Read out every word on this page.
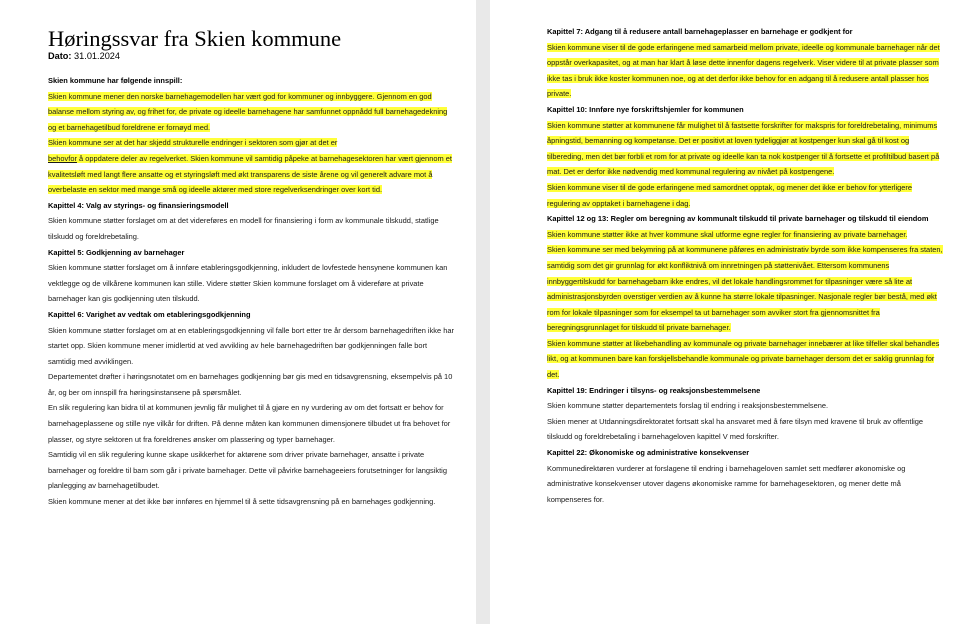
Høringssvar fra Skien kommune

Dato: 31.01.2024

Skien kommune har følgende innspill:

Skien kommune mener den norske barnehagemodellen har vært god for kommuner og innbyggere. Gjennom en god balanse mellom styring av, og frihet for, de private og ideelle barnehagene har samfunnet oppnådd full barnehagedekning og et barnehagetilbud foreldrene er fornøyd med.

Skien kommune ser at det har skjedd strukturelle endringer i sektoren som gjør at det er
behovfor å oppdatere deler av regelverket. Skien kommune vil samtidig påpeke at barnehagesektoren har vært gjennom et kvalitetsløft med langt flere ansatte og et styringsløft med økt transparens de siste årene og vil generelt advare mot å overbelaste en sektor med mange små og ideelle aktører med store regelverksendringer over kort tid.

Kapittel 4: Valg av styrings- og finansieringsmodell

Skien kommune støtter forslaget om at det videreføres en modell for finansiering i form av kommunale tilskudd, statlige tilskudd og foreldrebetaling.

Kapittel 5: Godkjenning av barnehager

Skien kommune støtter forslaget om å innføre etableringsgodkjenning, inkludert de lovfestede hensynene kommunen kan vektlegge og de vilkårene kommunen kan stille. Videre støtter Skien kommune forslaget om å videreføre at private barnehager kan gis godkjenning uten tilskudd.

Kapittel 6: Varighet av vedtak om etableringsgodkjenning

Skien kommune støtter forslaget om at en etableringsgodkjenning vil falle bort etter tre år dersom barnehagedriften ikke har startet opp. Skien kommune mener imidlertid at ved avvikling av hele barnehagedriften bør godkjenningen falle bort samtidig med avviklingen.

Departementet drøfter i høringsnotatet om en barnehages godkjenning bør gis med en tidsavgrensning, eksempelvis på 10 år, og ber om innspill fra høringsinstansene på spørsmålet.

En slik regulering kan bidra til at kommunen jevnlig får mulighet til å gjøre en ny vurdering av om det fortsatt er behov for barnehageplassene og stille nye vilkår for driften. På denne måten kan kommunen dimensjonere tilbudet ut fra behovet for plasser, og styre sektoren ut fra foreldrenes ønsker om plassering og typer barnehager.

Samtidig vil en slik regulering kunne skape usikkerhet for aktørene som driver private barnehager, ansatte i private barnehager og foreldre til barn som går i private barnehager. Dette vil påvirke barnehageeiers forutsetninger for langsiktig planlegging av barnehagetilbudet.

Skien kommune mener at det ikke bør innføres en hjemmel til å sette tidsavgrensning på en barnehages godkjenning.

Kapittel 7: Adgang til å redusere antall barnehageplasser en barnehage er godkjent for

Skien kommune viser til de gode erfaringene med samarbeid mellom private, ideelle og kommunale barnehager når det oppstår overkapasitet, og at man har klart å løse dette innenfor dagens regelverk. Viser videre til at private plasser som ikke tas i bruk ikke koster kommunen noe, og at det derfor ikke behov for en adgang til å redusere antall plasser hos private.

Kapittel 10: Innføre nye forskriftshjemler for kommunen

Skien kommune støtter at kommunene får mulighet til å fastsette forskrifter for makspris for foreldrebetaling, minimums åpningstid, bemanning og kompetanse. Det er positivt at loven tydeliggjør at kostpenger kun skal gå til kost og tilbereding, men det bør forbli et rom for at private og ideelle kan ta nok kostpenger til å fortsette et profiltilbud basert på mat. Det er derfor ikke nødvendig med kommunal regulering av nivået på kostpengene.

Skien kommune viser til de gode erfaringene med samordnet opptak, og mener det ikke er behov for ytterligere regulering av opptaket i barnehagene i dag.

Kapittel 12 og 13: Regler om beregning av kommunalt tilskudd til private barnehager og tilskudd til eiendom

Skien kommune støtter ikke at hver kommune skal utforme egne regler for finansiering av private barnehager.

Skien kommune ser med bekymring på at kommunene påføres en administrativ byrde som ikke kompenseres fra staten, samtidig som det gir grunnlag for økt konfliktnivå om innretningen på støttenivået. Ettersom kommunens innbyggertilskudd for barnehagebarn ikke endres, vil det lokale handlingsrommet for tilpasninger være så lite at administrasjonsbyrden overstiger verdien av å kunne ha større lokale tilpasninger. Nasjonale regler bør bestå, med økt rom for lokale tilpasninger som for eksempel ta ut barnehager som avviker stort fra gjennomsnittet fra beregningsgrunnlaget for tilskudd til private barnehager.

Skien kommune støtter at likebehandling av kommunale og private barnehager innebærer at like tilfeller skal behandles likt, og at kommunen bare kan forskjellsbehandle kommunale og private barnehager dersom det er saklig grunnlag for det.

Kapittel 19: Endringer i tilsyns- og reaksjonsbestemmelsene

Skien kommune støtter departementets forslag til endring i reaksjonsbestemmelsene.

Skien mener at Utdanningsdirektoratet fortsatt skal ha ansvaret med å føre tilsyn med kravene til bruk av offentlige tilskudd og foreldrebetaling i barnehageloven kapittel V med forskrifter.

Kapittel 22: Økonomiske og administrative konsekvenser

Kommunedirektøren vurderer at forslagene til endring i barnehageloven samlet sett medfører økonomiske og administrative konsekvenser utover dagens økonomiske ramme for barnehagesektoren, og mener dette må kompenseres for.
